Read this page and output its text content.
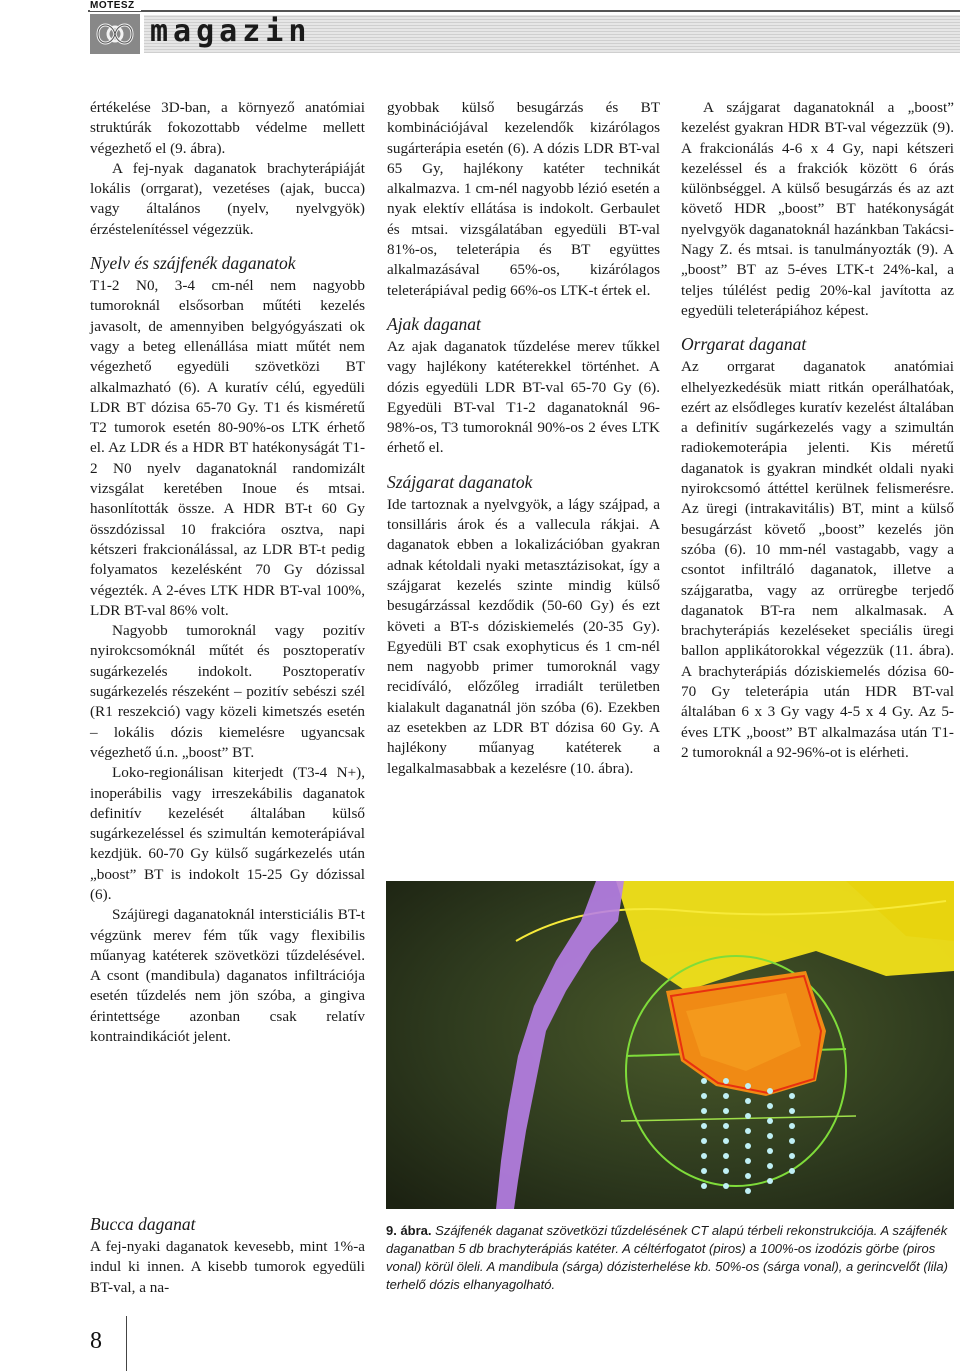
MOTESZ
magazin

értékelése 3D-ban, a környező anatómiai struktúrák fokozottabb védelme mellett végezhető el (9. ábra).

A fej-nyak daganatok brachyterápiáját lokális (orrgarat), vezetéses (ajak, bucca) vagy általános (nyelv, nyelvgyök) érzéstelenítéssel végezzük.

Nyelv és szájfenék daganatok

T1-2 N0, 3-4 cm-nél nem nagyobb tumoroknál elsősorban műtéti kezelés javasolt, de amennyiben belgyógyászati ok vagy a beteg ellenállása miatt műtét nem végezhető egyedüli szövetközi BT alkalmazható (6). A kuratív célú, egyedüli LDR BT dózisa 65-70 Gy. T1 és kisméretű T2 tumorok esetén 80-90%-os LTK érhető el. Az LDR és a HDR BT hatékonyságát T1-2 N0 nyelv daganatoknál randomizált vizsgálat keretében Inoue és mtsai. hasonlították össze. A HDR BT-t 60 Gy összdózissal 10 frakcióra osztva, napi kétszeri frakcionálással, az LDR BT-t pedig folyamatos kezelésként 70 Gy dózissal végezték. A 2-éves LTK HDR BT-val 100%, LDR BT-val 86% volt.

Nagyobb tumoroknál vagy pozitív nyirokcsomóknál műtét és posztoperatív sugárkezelés indokolt. Posztoperatív sugárkezelés részeként – pozitív sebészi szél (R1 reszekció) vagy közeli kimetszés esetén – lokális dózis kiemelésre ugyancsak végezhető ú.n. „boost” BT.

Loko-regionálisan kiterjedt (T3-4 N+), inoperábilis vagy irreszekábilis daganatok definitív kezelését általában külső sugárkezeléssel és szimultán kemoterápiával kezdjük. 60-70 Gy külső sugárkezelés után „boost” BT is indokolt 15-25 Gy dózissal (6).

Szájüregi daganatoknál intersticiális BT-t végzünk merev fém tűk vagy flexibilis műanyag katéterek szövetközi tűzdelésével. A csont (mandibula) daganatos infiltrációja esetén tűzdelés nem jön szóba, a gingiva érintettsége azonban csak relatív kontraindikációt jelent.

Bucca daganat

A fej-nyaki daganatok kevesebb, mint 1%-a indul ki innen. A kisebb tumorok egyedüli BT-val, a na-

gyobbak külső besugárzás és BT kombinációjával kezelendők kizárólagos sugárterápia esetén (6). A dózis LDR BT-val 65 Gy, hajlékony katéter technikát alkalmazva. 1 cm-nél nagyobb lézió esetén a nyak elektív ellátása is indokolt. Gerbaulet és mtsai. vizsgálatában egyedüli BT-val 81%-os, teleterápia és BT együttes alkalmazásával 65%-os, kizárólagos teleterápiával pedig 66%-os LTK-t értek el.

Ajak daganat

Az ajak daganatok tűzdelése merev tűkkel vagy hajlékony katéterekkel történhet. A dózis egyedüli LDR BT-val 65-70 Gy (6). Egyedüli BT-val T1-2 daganatoknál 96-98%-os, T3 tumoroknál 90%-os 2 éves LTK érhető el.

Szájgarat daganatok

Ide tartoznak a nyelvgyök, a lágy szájpad, a tonsilláris árok és a vallecula rákjai. A daganatok ebben a lokalizációban gyakran adnak kétoldali nyaki metasztázisokat, így a szájgarat kezelés szinte mindig külső besugárzással kezdődik (50-60 Gy) és ezt követi a BT-s dóziskiemelés (20-35 Gy). Egyedüli BT csak exophyticus és 1 cm-nél nem nagyobb primer tumoroknál vagy recidíváló, előzőleg irradiált területben kialakult daganatnál jön szóba (6). Ezekben az esetekben az LDR BT dózisa 60 Gy. A hajlékony műanyag katéterek a legalkalmasabbak a kezelésre (10. ábra).

A szájgarat daganatoknál a „boost” kezelést gyakran HDR BT-val végezzük (9). A frakcionálás 4-6 x 4 Gy, napi kétszeri kezeléssel és a frakciók között 6 órás különbséggel. A külső besugárzás és az azt követő HDR „boost” BT hatékonyságát nyelvgyök daganatoknál hazánkban Takácsi-Nagy Z. és mtsai. is tanulmányozták (9). A „boost” BT az 5-éves LTK-t 24%-kal, a teljes túlélést pedig 20%-kal javította az egyedüli teleterápiához képest.

Orrgarat daganat

Az orrgarat daganatok anatómiai elhelyezkedésük miatt ritkán operálhatóak, ezért az elsődleges kuratív kezelést általában a definitív sugárkezelés vagy a szimultán radiokemoterápia jelenti. Kis méretű daganatok is gyakran mindkét oldali nyaki nyirokcsomó áttéttel kerülnek felismerésre. Az üregi (intrakavitális) BT, mint a külső besugárzást követő „boost” kezelés jön szóba (6). 10 mm-nél vastagabb, vagy a csontot infiltráló daganatok, illetve a szájgaratba, vagy az orrüregbe terjedő daganatok BT-ra nem alkalmasak. A brachyterápiás kezeléseket speciális üregi ballon applikátorokkal végezzük (11. ábra). A brachyterápiás dóziskiemelés dózisa 60-70 Gy teleterápia után HDR BT-val általában 6 x 3 Gy vagy 4-5 x 4 Gy. Az 5-éves LTK „boost” BT alkalmazása után T1-2 tumoroknál a 92-96%-ot is elérheti.

9. ábra. Szájfenék daganat szövetközi tűzdelésének CT alapú térbeli rekonstrukciója. A szájfenék daganatban 5 db brachyterápiás katéter. A céltérfogatot (piros) a 100%-os izodózis görbe (piros vonal) körül öleli. A mandibula (sárga) dózisterhelése kb. 50%-os (sárga vonal), a gerincvelőt (lila) terhelő dózis elhanyagolható.
8
